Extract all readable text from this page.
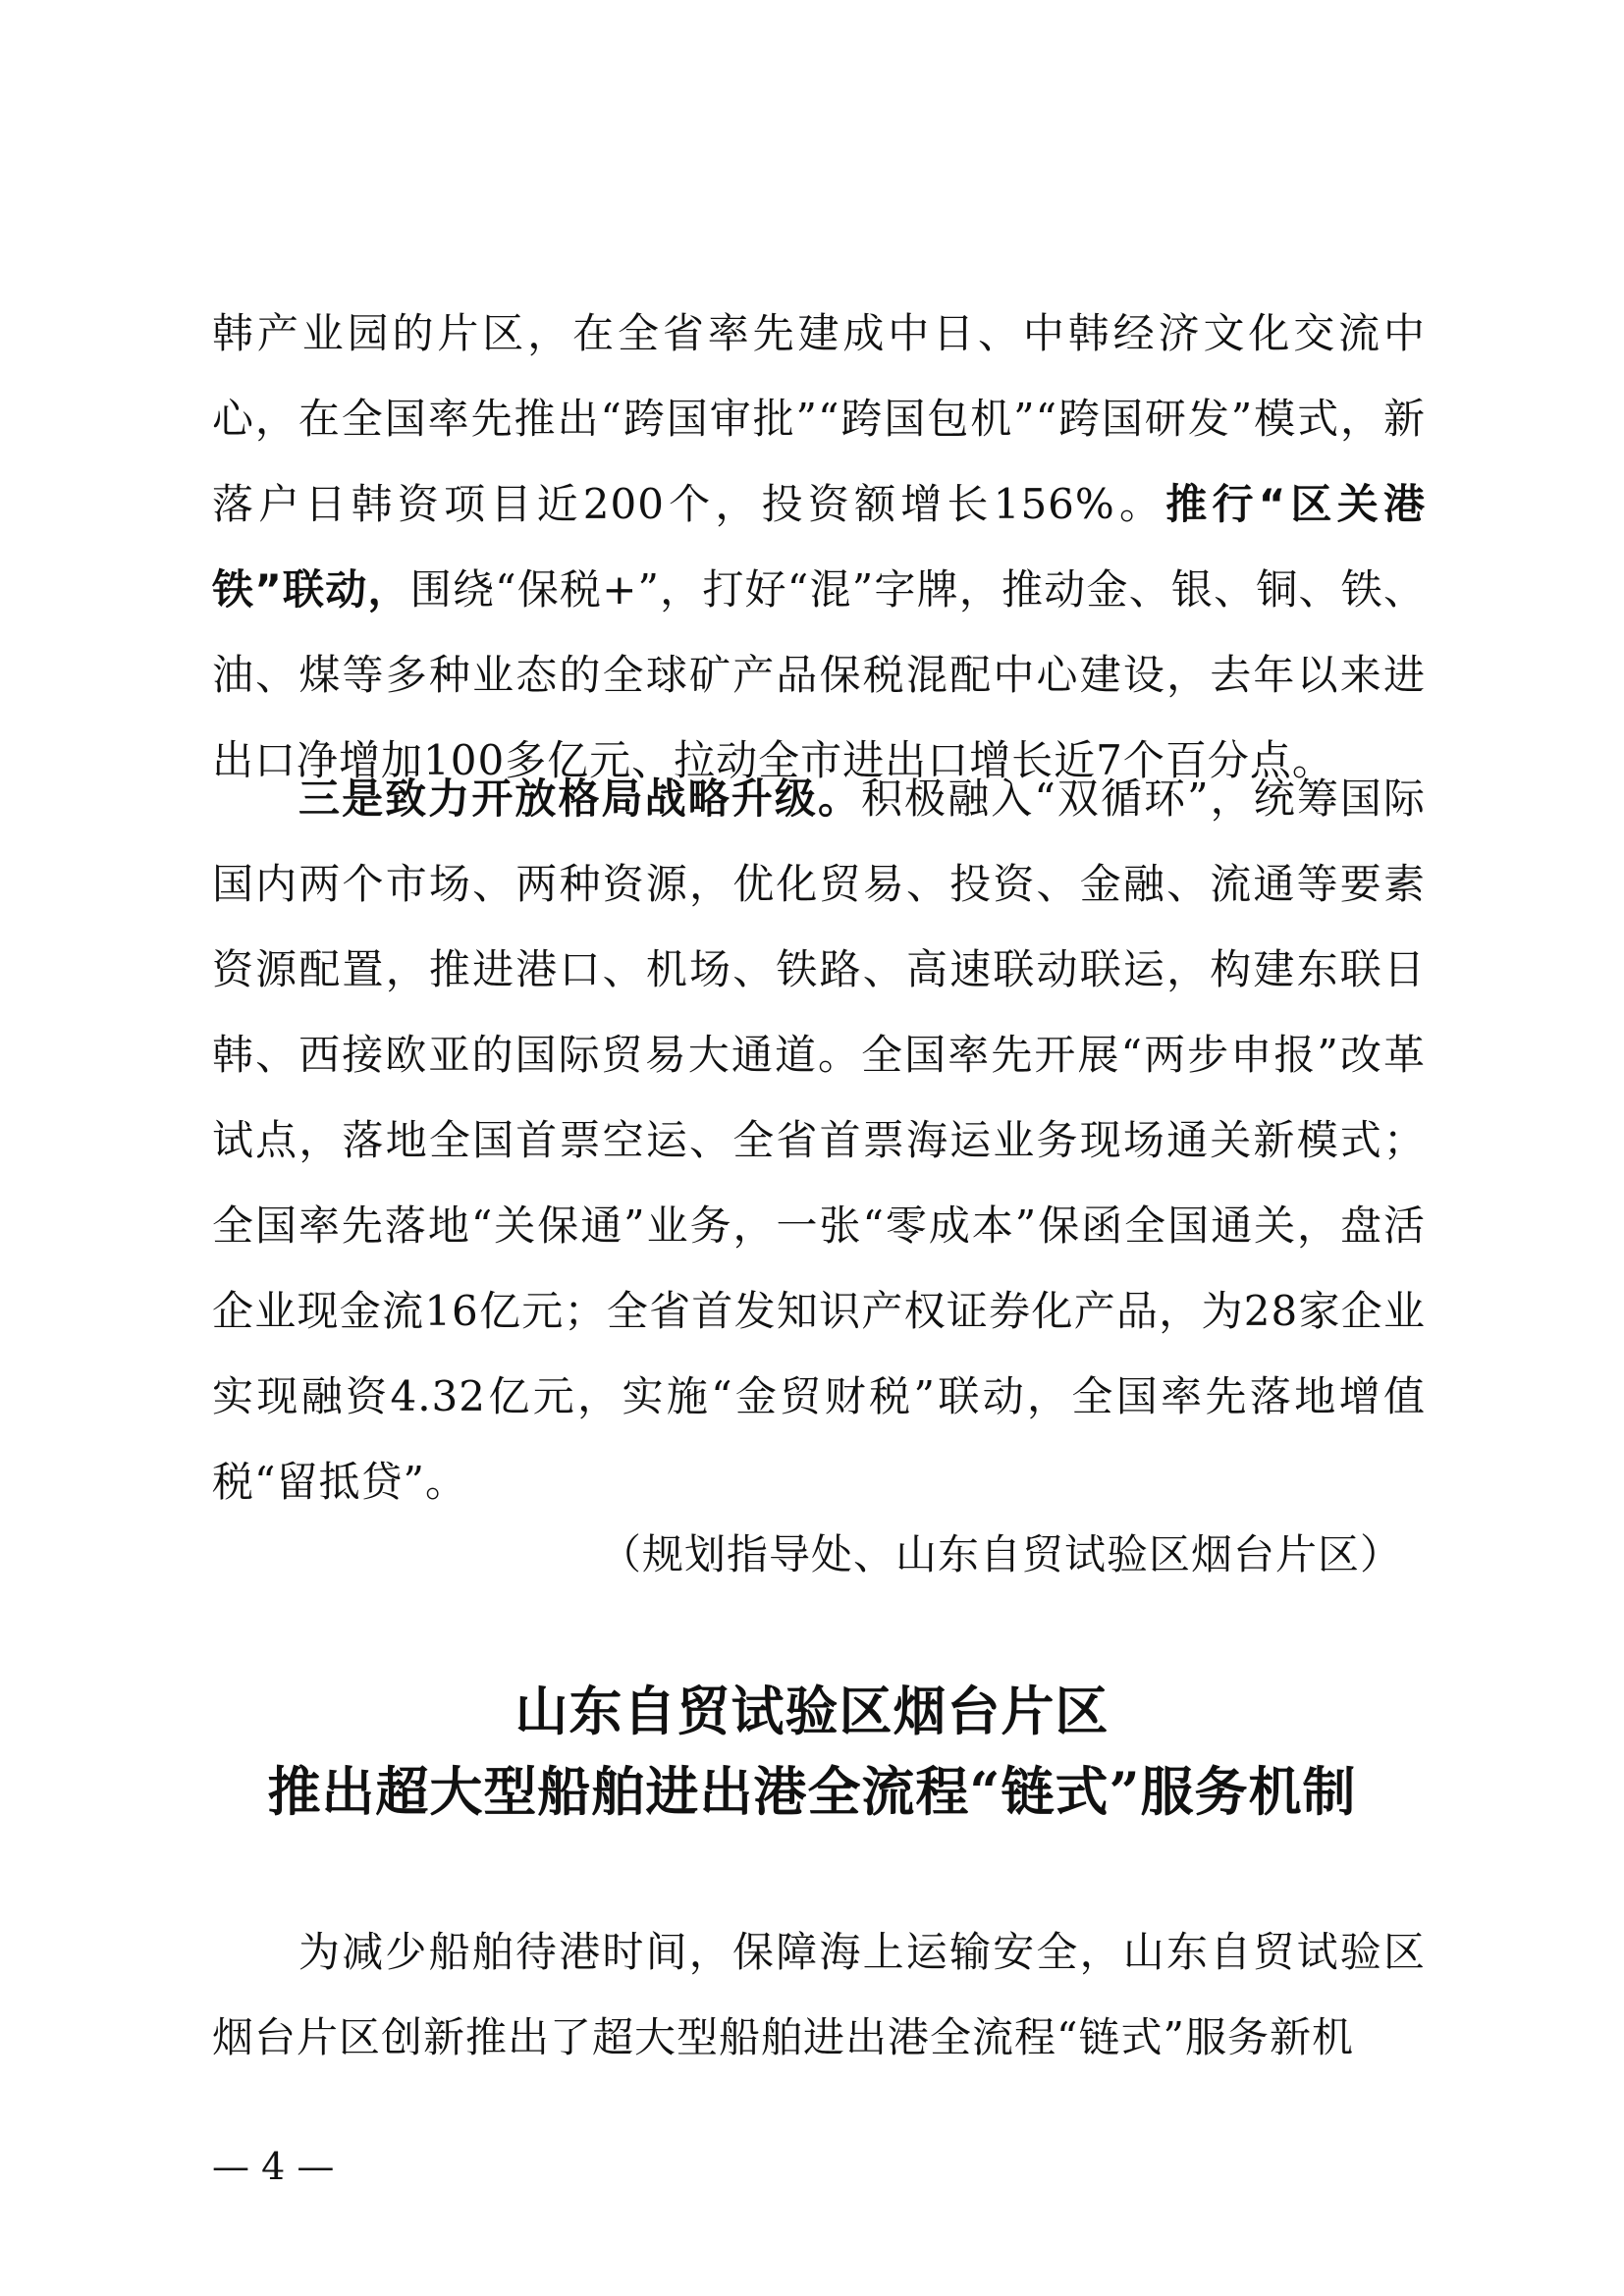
韩产业园的片区，在全省率先建成中日、中韩经济文化交流中心，在全国率先推出“跨国审批”“跨国包机”“跨国研发”模式，新落户日韩资项目近200个，投资额增长156%。推行“区关港铁”联动，围绕“保税+”，打好“混”字牌，推动金、银、铜、铁、油、煤等多种业态的全球矿产品保税混配中心建设，去年以来进出口净增加100多亿元、拉动全市进出口增长近7个百分点。

三是致力开放格局战略升级。积极融入“双循环”，统筹国际国内两个市场、两种资源，优化贸易、投资、金融、流通等要素资源配置，推进港口、机场、铁路、高速联动联运，构建东联日韩、西接欧亚的国际贸易大通道。全国率先开展“两步申报”改革试点，落地全国首票空运、全省首票海运业务现场通关新模式；全国率先落地“关保通”业务，一张“零成本”保函全国通关，盘活企业现金流16亿元；全省首发知识产权证券化产品，为28家企业实现融资4.32亿元，实施“金贸财税”联动，全国率先落地增值税“留抵贷”。

（规划指导处、山东自贸试验区烟台片区）
山东自贸试验区烟台片区
推出超大型船舶进出港全流程“链式”服务机制

为减少船舶待港时间，保障海上运输安全，山东自贸试验区烟台片区创新推出了超大型船舶进出港全流程“链式”服务新机

— 4 —
